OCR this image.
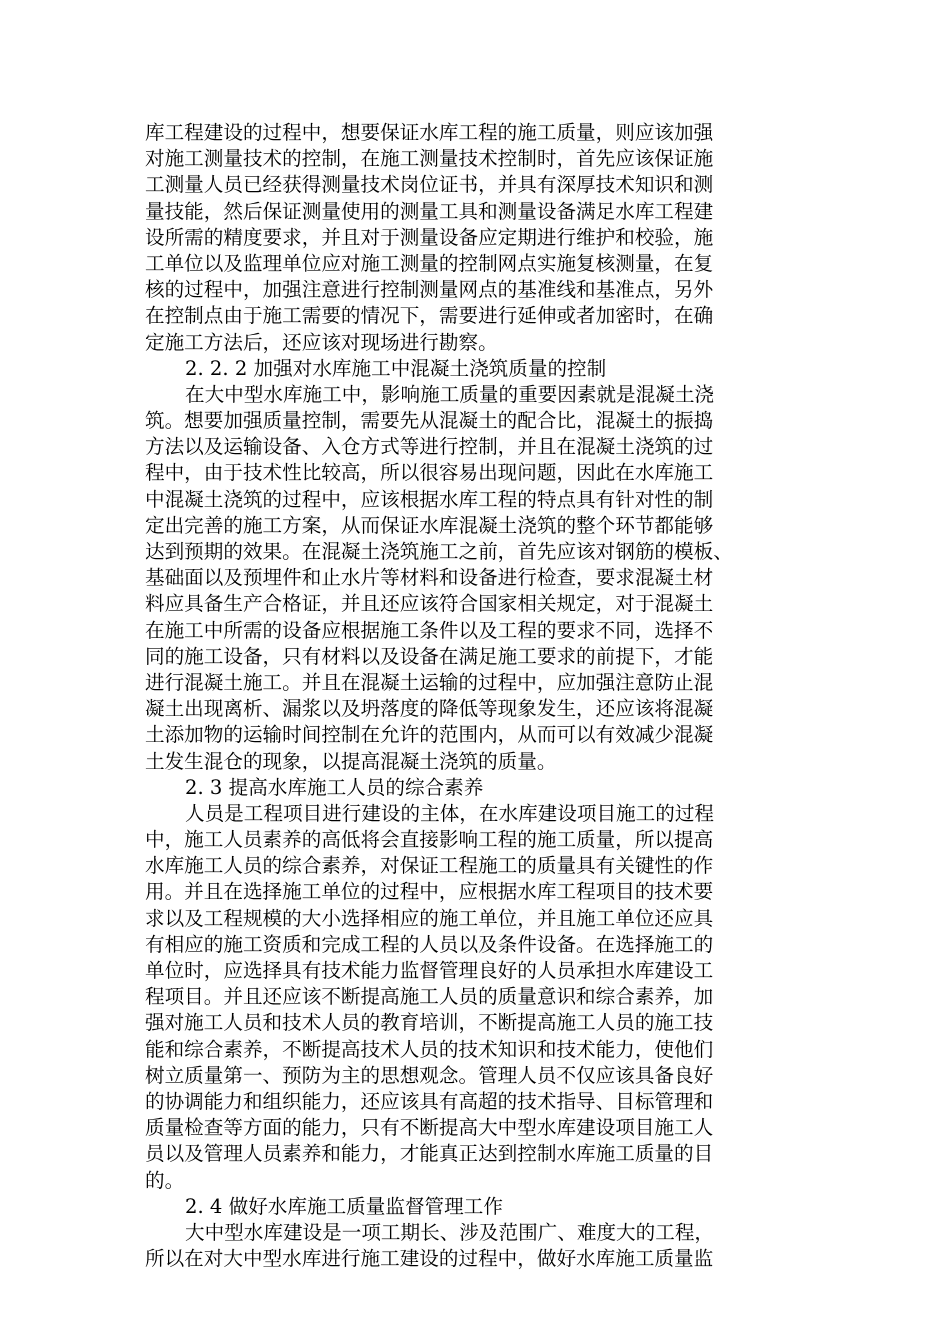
库工程建设的过程中，想要保证水库工程的施工质量，则应该加强
对施工测量技术的控制，在施工测量技术控制时，首先应该保证施
工测量人员已经获得测量技术岗位证书，并具有深厚技术知识和测
量技能，然后保证测量使用的测量工具和测量设备满足水库工程建
设所需的精度要求，并且对于测量设备应定期进行维护和校验，施
工单位以及监理单位应对施工测量的控制网点实施复核测量，在复
核的过程中，加强注意进行控制测量网点的基准线和基准点，另外
在控制点由于施工需要的情况下，需要进行延伸或者加密时，在确
定施工方法后，还应该对现场进行勘察。
2. 2. 2 加强对水库施工中混凝土浇筑质量的控制
在大中型水库施工中，影响施工质量的重要因素就是混凝土浇
筑。想要加强质量控制，需要先从混凝土的配合比，混凝土的振捣
方法以及运输设备、入仓方式等进行控制，并且在混凝土浇筑的过
程中，由于技术性比较高，所以很容易出现问题，因此在水库施工
中混凝土浇筑的过程中，应该根据水库工程的特点具有针对性的制
定出完善的施工方案，从而保证水库混凝土浇筑的整个环节都能够
达到预期的效果。在混凝土浇筑施工之前，首先应该对钢筋的模板、
基础面以及预埋件和止水片等材料和设备进行检查，要求混凝土材
料应具备生产合格证，并且还应该符合国家相关规定，对于混凝土
在施工中所需的设备应根据施工条件以及工程的要求不同，选择不
同的施工设备，只有材料以及设备在满足施工要求的前提下，才能
进行混凝土施工。并且在混凝土运输的过程中，应加强注意防止混
凝土出现离析、漏浆以及坍落度的降低等现象发生，还应该将混凝
土添加物的运输时间控制在允许的范围内，从而可以有效减少混凝
土发生混仓的现象，以提高混凝土浇筑的质量。
2. 3 提高水库施工人员的综合素养
人员是工程项目进行建设的主体，在水库建设项目施工的过程
中，施工人员素养的高低将会直接影响工程的施工质量，所以提高
水库施工人员的综合素养，对保证工程施工的质量具有关键性的作
用。并且在选择施工单位的过程中，应根据水库工程项目的技术要
求以及工程规模的大小选择相应的施工单位，并且施工单位还应具
有相应的施工资质和完成工程的人员以及条件设备。在选择施工的
单位时，应选择具有技术能力监督管理良好的人员承担水库建设工
程项目。并且还应该不断提高施工人员的质量意识和综合素养，加
强对施工人员和技术人员的教育培训，不断提高施工人员的施工技
能和综合素养，不断提高技术人员的技术知识和技术能力，使他们
树立质量第一、预防为主的思想观念。管理人员不仅应该具备良好
的协调能力和组织能力，还应该具有高超的技术指导、目标管理和
质量检查等方面的能力，只有不断提高大中型水库建设项目施工人
员以及管理人员素养和能力，才能真正达到控制水库施工质量的目
的。
2. 4 做好水库施工质量监督管理工作
大中型水库建设是一项工期长、涉及范围广、难度大的工程，
所以在对大中型水库进行施工建设的过程中，做好水库施工质量监
